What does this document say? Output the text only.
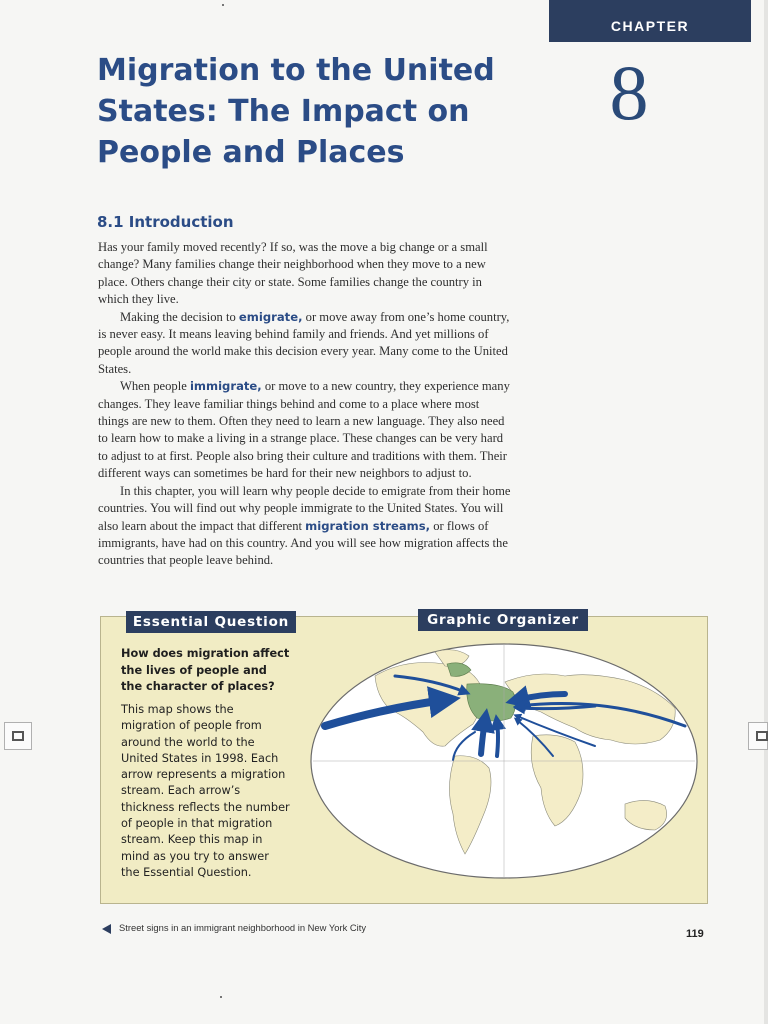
CHAPTER
8
Migration to the United States: The Impact on People and Places
8.1 Introduction

Has your family moved recently? If so, was the move a big change or a small change? Many families change their neighborhood when they move to a new place. Others change their city or state. Some families change the country in which they live.

Making the decision to emigrate, or move away from one’s home country, is never easy. It means leaving behind family and friends. And yet millions of people around the world make this decision every year. Many come to the United States.

When people immigrate, or move to a new country, they experience many changes. They leave familiar things behind and come to a place where most things are new to them. Often they need to learn a new language. They also need to learn how to make a living in a strange place. These changes can be very hard to adjust to at first. People also bring their culture and traditions with them. Their different ways can sometimes be hard for their new neighbors to adjust to.

In this chapter, you will learn why people decide to emigrate from their home countries. You will find out why people immigrate to the United States. You will also learn about the impact that different migration streams, or flows of immigrants, have had on this country. And you will see how migration affects the countries that people leave behind.

Essential Question	Graphic Organizer
How does migration affect the lives of people and the character of places?
This map shows the migration of people from around the world to the United States in 1998. Each arrow represents a migration stream. Each arrow’s thickness reflects the number of people in that migration stream. Keep this map in mind as you try to answer the Essential Question.
Street signs in an immigrant neighborhood in New York City
119
